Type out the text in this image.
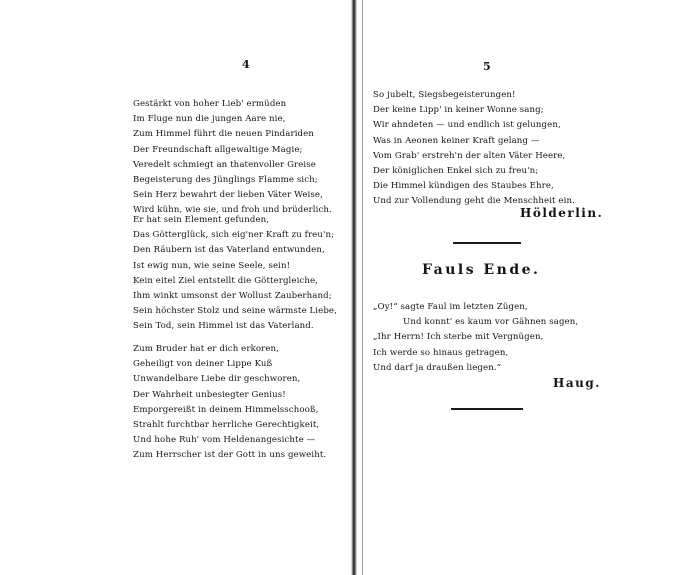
4
Gestärkt von hoher Lieb' ermüden
Im Fluge nun die jungen Aare nie,
Zum Himmel führt die neuen Pindariden
Der Freundschaft allgewaltige Magie;
Veredelt schmiegt an thatenvoller Greise
Begeisterung des Jünglings Flamme sich;
Sein Herz bewahrt der lieben Väter Weise,
Wird kühn, wie sie, und froh und brüderlich.
Er hat sein Element gefunden,
Das Götterglück, sich eig'ner Kraft zu freu'n;
Den Räubern ist das Vaterland entwunden,
Ist ewig nun, wie seine Seele, sein!
Kein eitel Ziel entstellt die Göttergleiche,
Ihm winkt umsonst der Wollust Zauberhand;
Sein höchster Stolz und seine wärmste Liebe,
Sein Tod, sein Himmel ist das Vaterland.
Zum Bruder hat er dich erkoren,
Geheiligt von deiner Lippe Kuß
Unwandelbare Liebe dir geschworen,
Der Wahrheit unbesiegter Genius!
Emporgereißt in deinem Himmelsschooß,
Strahlt furchtbar herrliche Gerechtigkeit,
Und hohe Ruh' vom Heldenangesichte —
Zum Herrscher ist der Gott in uns geweiht.
5
So jubelt, Siegsbegeisterungen!
Der keine Lipp' in keiner Wonne sang;
Wir ahndeten — und endlich ist gelungen,
Was in Aeonen keiner Kraft gelang —
Vom Grab' erstreh'n der alten Väter Heere,
Der königlichen Enkel sich zu freu'n;
Die Himmel kündigen des Staubes Ehre,
Und zur Vollendung geht die Menschheit ein.
Hölderlin.
Fauls Ende.
„Oy!“ sagte Faul im letzten Zügen,
Und konnt' es kaum vor Gähnen sagen,
„Ihr Herrn! Ich sterbe mit Vergnügen,
Ich werde so hinaus getragen,
Und darf ja draußen liegen.“
Haug.
